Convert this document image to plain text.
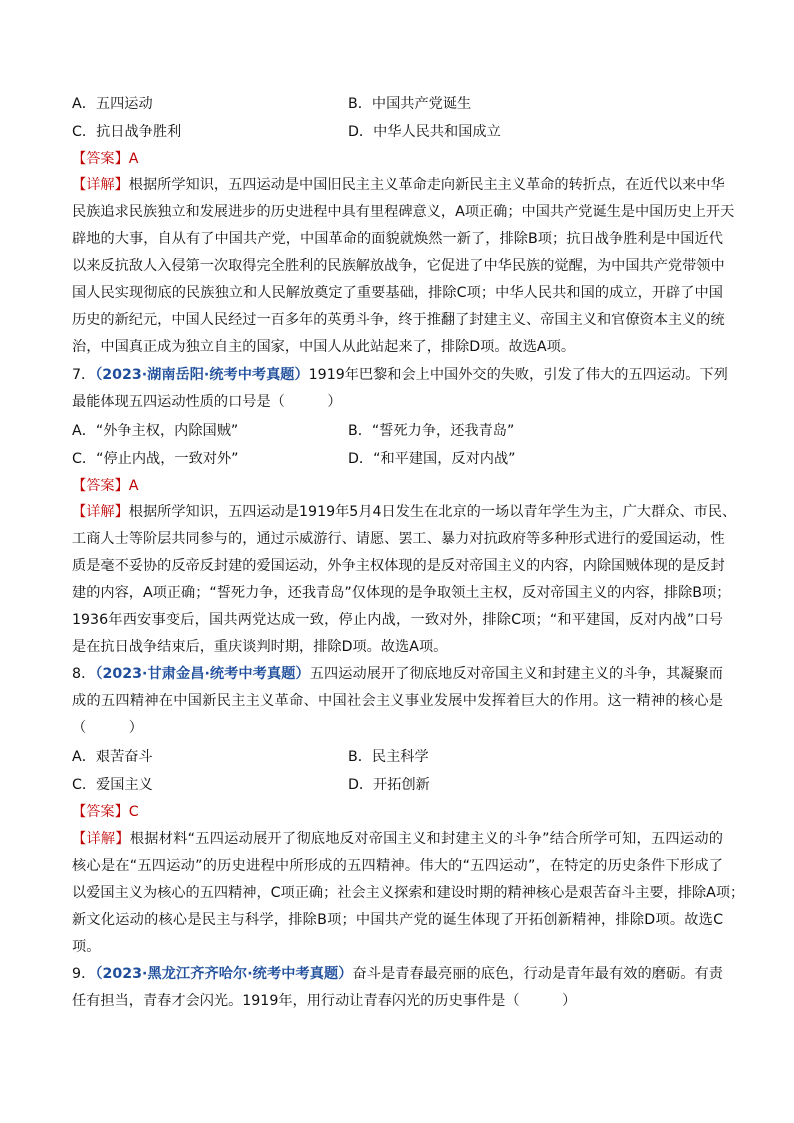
A．五四运动	B．中国共产党诞生
C．抗日战争胜利	D．中华人民共和国成立
【答案】A
【详解】根据所学知识，五四运动是中国旧民主主义革命走向新民主主义革命的转折点，在近代以来中华
民族追求民族独立和发展进步的历史进程中具有里程碑意义，A项正确；中国共产党诞生是中国历史上开天
辟地的大事，自从有了中国共产党，中国革命的面貌就焕然一新了，排除B项；抗日战争胜利是中国近代
以来反抗敌人入侵第一次取得完全胜利的民族解放战争，它促进了中华民族的觉醒，为中国共产党带领中
国人民实现彻底的民族独立和人民解放奠定了重要基础，排除C项；中华人民共和国的成立，开辟了中国
历史的新纪元，中国人民经过一百多年的英勇斗争，终于推翻了封建主义、帝国主义和官僚资本主义的统
治，中国真正成为独立自主的国家，中国人从此站起来了，排除D项。故选A项。
7．（2023·湖南岳阳·统考中考真题）1919年巴黎和会上中国外交的失败，引发了伟大的五四运动。下列
最能体现五四运动性质的口号是（　　　）
A．“外争主权，内除国贼”	B．“誓死力争，还我青岛”
C．“停止内战，一致对外”	D．“和平建国，反对内战”
【答案】A
【详解】根据所学知识，五四运动是1919年5月4日发生在北京的一场以青年学生为主，广大群众、市民、
工商人士等阶层共同参与的，通过示威游行、请愿、罢工、暴力对抗政府等多种形式进行的爱国运动，性
质是毫不妥协的反帝反封建的爱国运动，外争主权体现的是反对帝国主义的内容，内除国贼体现的是反封
建的内容，A项正确；“誓死力争，还我青岛”仅体现的是争取领土主权，反对帝国主义的内容，排除B项；
1936年西安事变后，国共两党达成一致，停止内战，一致对外，排除C项；“和平建国，反对内战”口号
是在抗日战争结束后，重庆谈判时期，排除D项。故选A项。
8．（2023·甘肃金昌·统考中考真题）五四运动展开了彻底地反对帝国主义和封建主义的斗争，其凝聚而
成的五四精神在中国新民主主义革命、中国社会主义事业发展中发挥着巨大的作用。这一精神的核心是
（　　　）
A．艰苦奋斗	B．民主科学
C．爱国主义	D．开拓创新
【答案】C
【详解】根据材料“五四运动展开了彻底地反对帝国主义和封建主义的斗争”结合所学可知，五四运动的
核心是在“五四运动”的历史进程中所形成的五四精神。伟大的“五四运动”，在特定的历史条件下形成了
以爱国主义为核心的五四精神，C项正确；社会主义探索和建设时期的精神核心是艰苦奋斗主要，排除A项；
新文化运动的核心是民主与科学，排除B项；中国共产党的诞生体现了开拓创新精神，排除D项。故选C
项。
9．（2023·黑龙江齐齐哈尔·统考中考真题）奋斗是青春最亮丽的底色，行动是青年最有效的磨砺。有责
任有担当，青春才会闪光。1919年，用行动让青春闪光的历史事件是（　　　）
